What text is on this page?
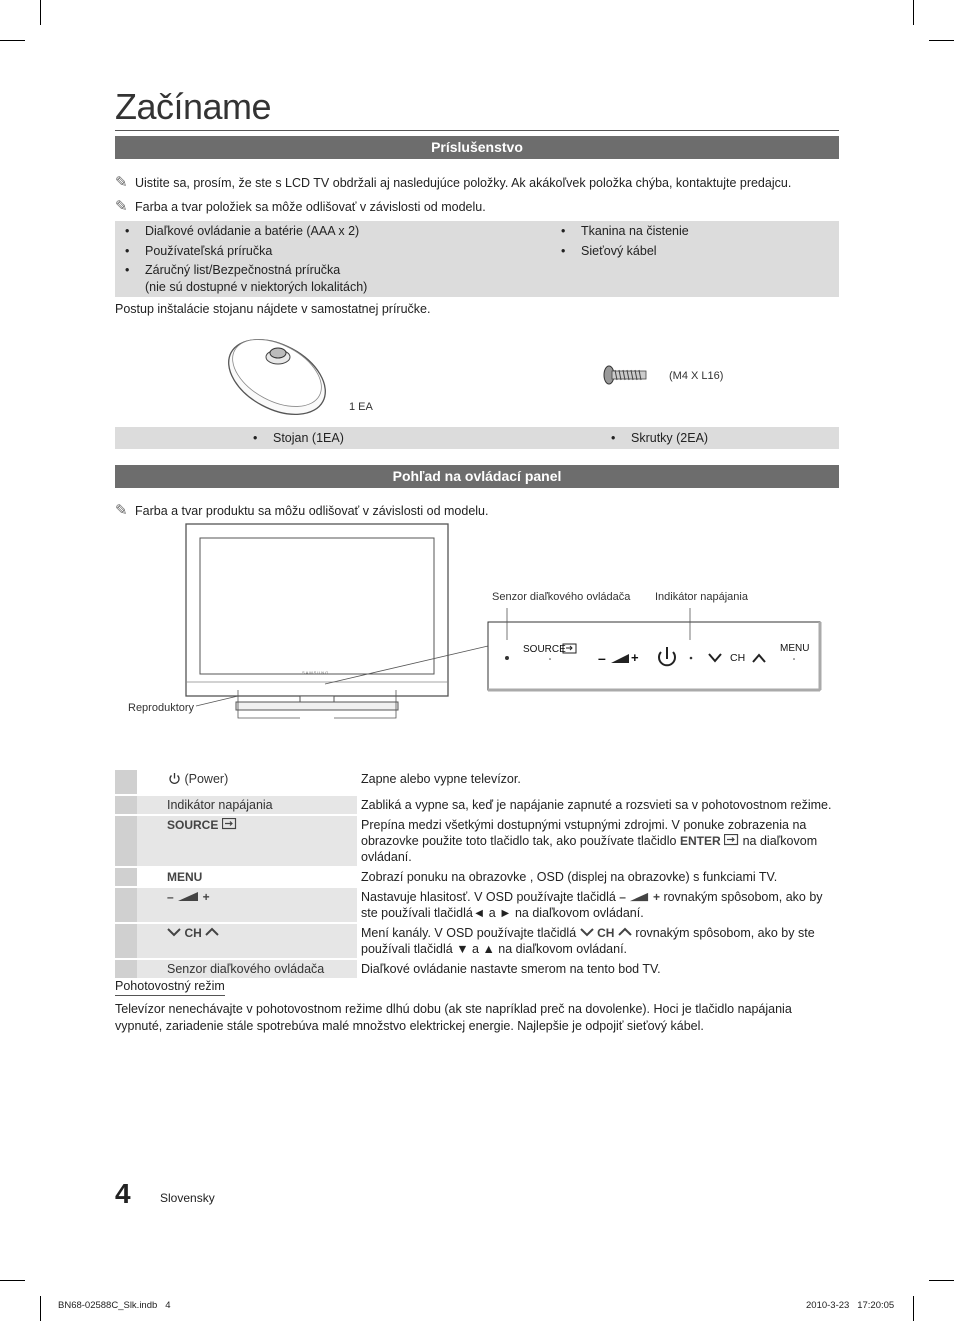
Začíname
Príslušenstvo
✎ Uistite sa, prosím, že ste s LCD TV obdržali aj nasledujúce položky. Ak akákoľvek položka chýba, kontaktujte predajcu.
✎ Farba a tvar položiek sa môže odlišovať v závislosti od modelu.
• Diaľkové ovládanie a batérie (AAA x 2)
• Používateľská príručka
• Záručný list/Bezpečnostná príručka
(nie sú dostupné v niektorých lokalitách)
• Tkanina na čistenie
• Sieťový kábel
Postup inštalácie stojanu nájdete v samostatnej príručke.
1 EA
(M4 X L16)
• Stojan (1EA)	• Skrutky (2EA)
Pohľad na ovládací panel
✎ Farba a tvar produktu sa môžu odlišovať v závislosti od modelu.
SAMSUNG
Senzor diaľkového ovládača Indikátor napájania
Reproduktory
SOURCE
– +	CH
MENU
	(Power)	Zapne alebo vypne televízor.
	Indikátor napájania	Zabliká a vypne sa, keď je napájanie zapnuté a rozsvieti sa v pohotovostnom režime.
	SOURCE	Prepína medzi všetkými dostupnými vstupnými zdrojmi. V ponuke zobrazenia na obrazovke použite toto tlačidlo tak, ako používate tlačidlo ENTER  na diaľkovom ovládaní.
	MENU	Zobrazí ponuku na obrazovke , OSD (displej na obrazovke) s funkciami TV.
	– +	Nastavuje hlasitosť. V OSD používajte tlačidlá – + rovnakým spôsobom, ako by ste používali tlačidlá◄ a ► na diaľkovom ovládaní.
	CH	Mení kanály. V OSD používajte tlačidlá  CH  rovnakým spôsobom, ako by ste používali tlačidlá ▼ a ▲ na diaľkovom ovládaní.
	Senzor diaľkového ovládača	Diaľkové ovládanie nastavte smerom na tento bod TV.
Pohotovostný režim
Televízor nenechávajte v pohotovostnom režime dlhú dobu (ak ste napríklad preč na dovolenke). Hoci je tlačidlo napájania vypnuté, zariadenie stále spotrebúva malé množstvo elektrickej energie. Najlepšie je odpojiť sieťový kábel.
4 Slovensky
BN68-02588C_Slk.indb   4	2010-3-23   17:20:05
